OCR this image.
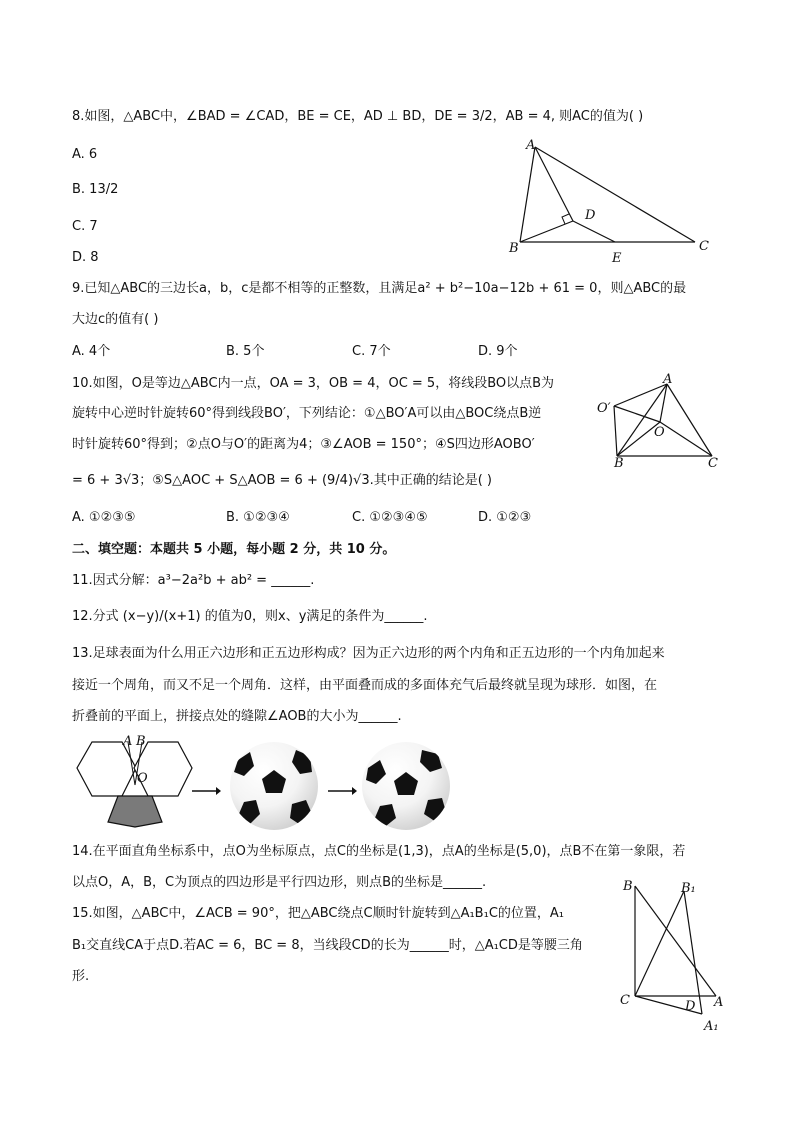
8.如图，△ABC中，∠BAD = ∠CAD，BE = CE，AD ⊥ BD，DE = 3/2，AB = 4, 则AC的值为( )
A. 6
B. 13/2
C. 7
D. 8
A
B	C
D
E
9.已知△ABC的三边长a，b，c是都不相等的正整数，且满足a² + b²−10a−12b + 61 = 0，则△ABC的最
大边c的值有( )
A. 4个	B. 5个	C. 7个	D. 9个
10.如图，O是等边△ABC内一点，OA = 3，OB = 4，OC = 5，将线段BO以点B为
旋转中心逆时针旋转60°得到线段BO′，下列结论：①△BO′A可以由△BOC绕点B逆
时针旋转60°得到；②点O与O′的距离为4；③∠AOB = 150°；④S四边形AOBO′
= 6 + 3√3；⑤S△AOC + S△AOB = 6 + (9/4)√3.其中正确的结论是( )
A. ①②③⑤	B. ①②③④	C. ①②③④⑤	D. ①②③
A
O′
O
B	C
二、填空题：本题共 5 小题，每小题 2 分，共 10 分。
11.因式分解：a³−2a²b + ab² = ______.
12.分式 (x−y)/(x+1) 的值为0，则x、y满足的条件为______.
13.足球表面为什么用正六边形和正五边形构成？因为正六边形的两个内角和正五边形的一个内角加起来
接近一个周角，而又不足一个周角．这样，由平面叠而成的多面体充气后最终就呈现为球形．如图，在
折叠前的平面上，拼接点处的缝隙∠AOB的大小为______.
A B
O
14.在平面直角坐标系中，点O为坐标原点，点C的坐标是(1,3)，点A的坐标是(5,0)，点B不在第一象限，若
以点O，A，B，C为顶点的四边形是平行四边形，则点B的坐标是______.
15.如图，△ABC中，∠ACB = 90°，把△ABC绕点C顺时针旋转到△A₁B₁C的位置，A₁
B₁交直线CA于点D.若AC = 6，BC = 8，当线段CD的长为______时，△A₁CD是等腰三角
形.
B	B₁
C	D A
A₁
